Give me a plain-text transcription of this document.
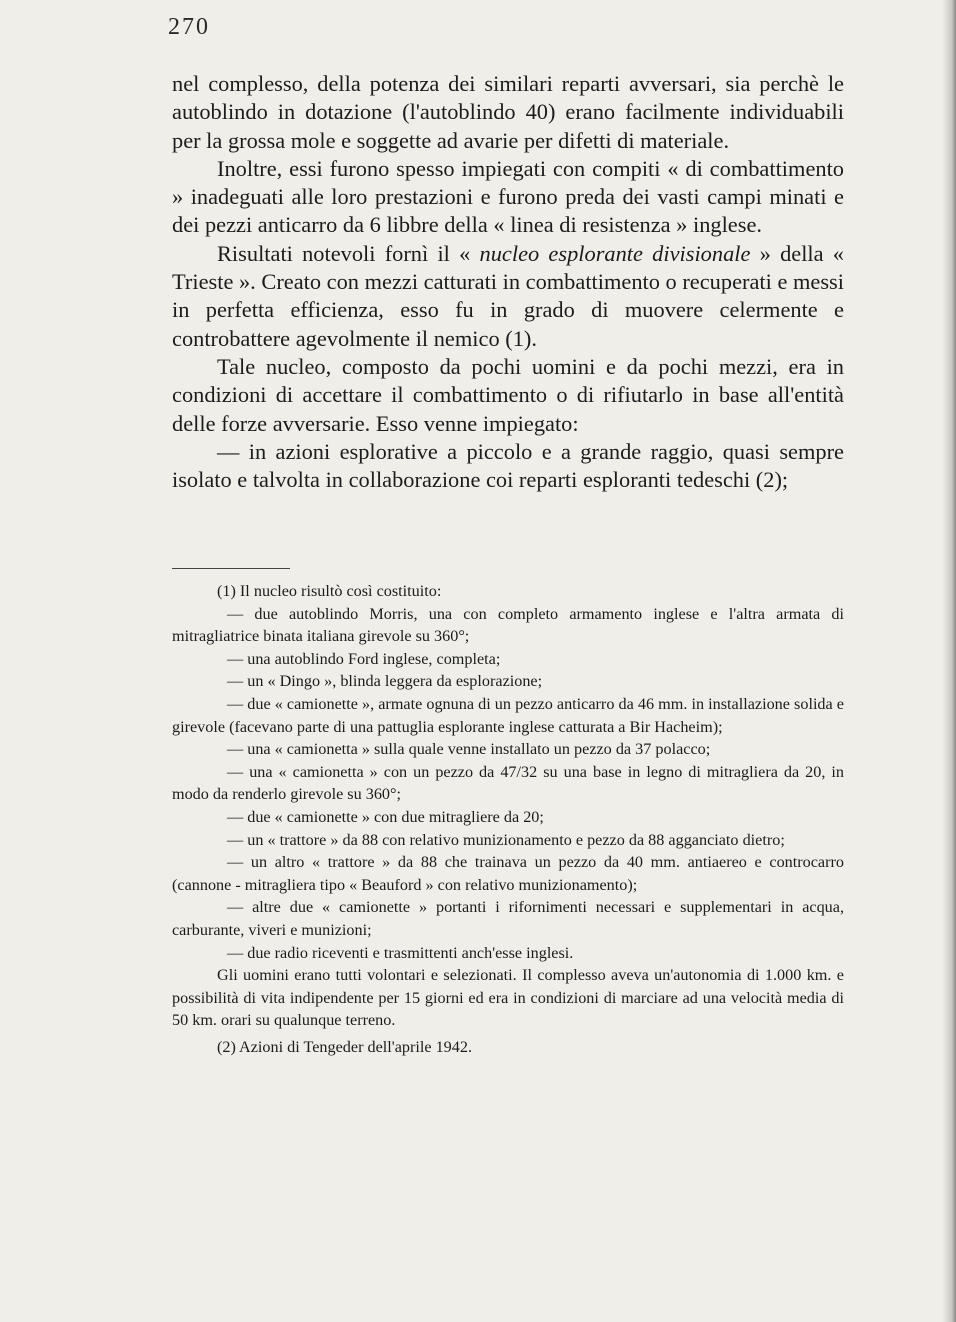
270

nel complesso, della potenza dei similari reparti avversari, sia perchè le autoblindo in dotazione (l'autoblindo 40) erano facilmente individuabili per la grossa mole e soggette ad avarie per difetti di materiale.

Inoltre, essi furono spesso impiegati con compiti « di combattimento » inadeguati alle loro prestazioni e furono preda dei vasti campi minati e dei pezzi anticarro da 6 libbre della « linea di resistenza » inglese.

Risultati notevoli fornì il « nucleo esplorante divisionale » della « Trieste ». Creato con mezzi catturati in combattimento o recuperati e messi in perfetta efficienza, esso fu in grado di muovere celermente e controbattere agevolmente il nemico (1).

Tale nucleo, composto da pochi uomini e da pochi mezzi, era in condizioni di accettare il combattimento o di rifiutarlo in base all'entità delle forze avversarie. Esso venne impiegato:

— in azioni esplorative a piccolo e a grande raggio, quasi sempre isolato e talvolta in collaborazione coi reparti esploranti tedeschi (2);

(1) Il nucleo risultò così costituito:

— due autoblindo Morris, una con completo armamento inglese e l'altra armata di mitragliatrice binata italiana girevole su 360°;

— una autoblindo Ford inglese, completa;

— un « Dingo », blinda leggera da esplorazione;

— due « camionette », armate ognuna di un pezzo anticarro da 46 mm. in installazione solida e girevole (facevano parte di una pattuglia esplorante inglese catturata a Bir Hacheim);

— una « camionetta » sulla quale venne installato un pezzo da 37 polacco;

— una « camionetta » con un pezzo da 47/32 su una base in legno di mitragliera da 20, in modo da renderlo girevole su 360°;

— due « camionette » con due mitragliere da 20;

— un « trattore » da 88 con relativo munizionamento e pezzo da 88 agganciato dietro;

— un altro « trattore » da 88 che trainava un pezzo da 40 mm. antiaereo e controcarro (cannone - mitragliera tipo « Beauford » con relativo munizionamento);

— altre due « camionette » portanti i rifornimenti necessari e supplementari in acqua, carburante, viveri e munizioni;

— due radio riceventi e trasmittenti anch'esse inglesi.

Gli uomini erano tutti volontari e selezionati. Il complesso aveva un'autonomia di 1.000 km. e possibilità di vita indipendente per 15 giorni ed era in condizioni di marciare ad una velocità media di 50 km. orari su qualunque terreno.

(2) Azioni di Tengeder dell'aprile 1942.
